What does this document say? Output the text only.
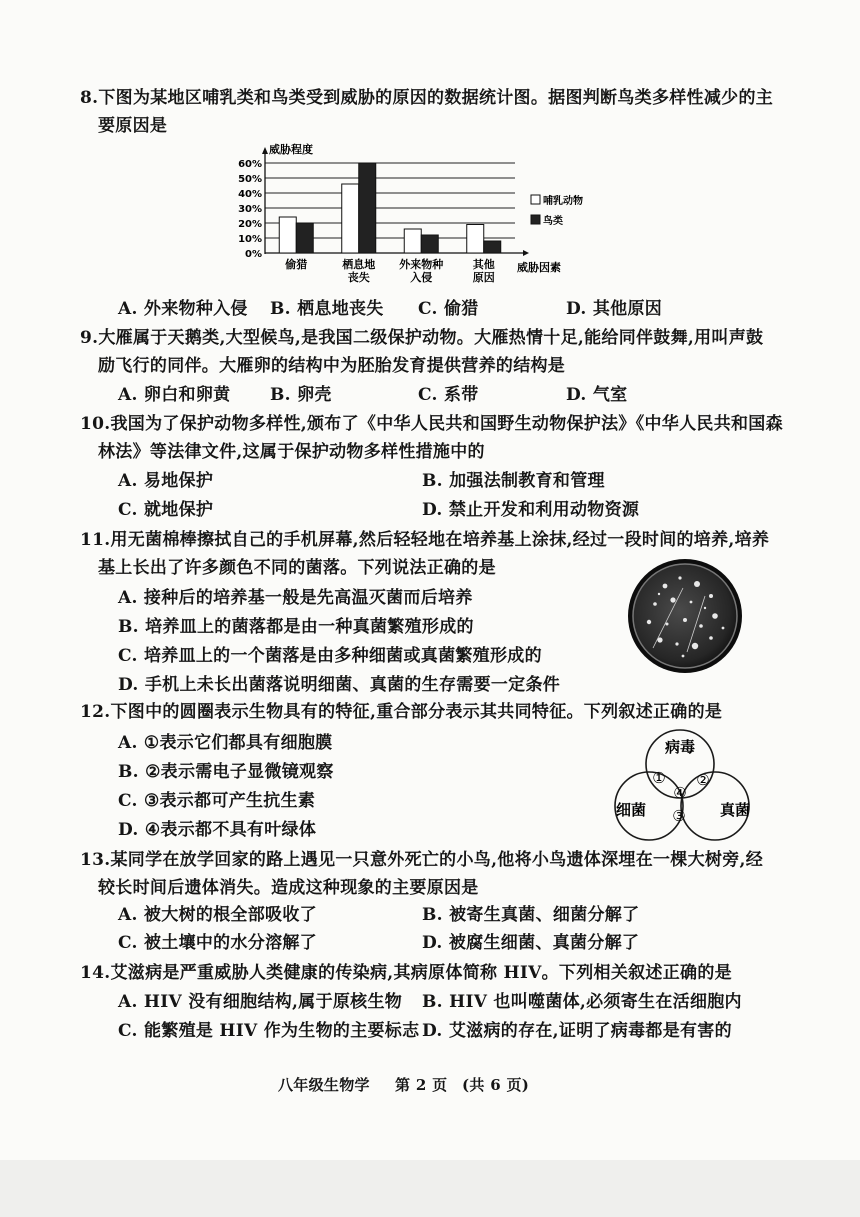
8.下图为某地区哺乳类和鸟类受到威胁的原因的数据统计图。据图判断鸟类多样性减少的主
要原因是
0%
10%
20%
30%
40%
50%
60%
威胁程度
偷猎	栖息地
丧失
外来物种
入侵
其他
原因
威胁因素
哺乳动物
鸟类
A. 外来物种入侵 B. 栖息地丧失 C. 偷猎	D. 其他原因
9.大雁属于天鹅类,大型候鸟,是我国二级保护动物。大雁热情十足,能给同伴鼓舞,用叫声鼓
励飞行的同伴。大雁卵的结构中为胚胎发育提供营养的结构是
A. 卵白和卵黄 B. 卵壳	C. 系带	D. 气室
10.我国为了保护动物多样性,颁布了《中华人民共和国野生动物保护法》《中华人民共和国森
林法》等法律文件,这属于保护动物多样性措施中的
A. 易地保护	B. 加强法制教育和管理
C. 就地保护	D. 禁止开发和利用动物资源
11.用无菌棉棒擦拭自己的手机屏幕,然后轻轻地在培养基上涂抹,经过一段时间的培养,培养
基上长出了许多颜色不同的菌落。下列说法正确的是
A. 接种后的培养基一般是先高温灭菌而后培养
B. 培养皿上的菌落都是由一种真菌繁殖形成的
C. 培养皿上的一个菌落是由多种细菌或真菌繁殖形成的
D. 手机上未长出菌落说明细菌、真菌的生存需要一定条件
12.下图中的圆圈表示生物具有的特征,重合部分表示其共同特征。下列叙述正确的是
A. ①表示它们都具有细胞膜
B. ②表示需电子显微镜观察
C. ③表示都可产生抗生素
D. ④表示都不具有叶绿体
病毒
细菌	真菌
① ②
③
④
13.某同学在放学回家的路上遇见一只意外死亡的小鸟,他将小鸟遗体深埋在一棵大树旁,经
较长时间后遗体消失。造成这种现象的主要原因是
A. 被大树的根全部吸收了	B. 被寄生真菌、细菌分解了
C. 被土壤中的水分溶解了	D. 被腐生细菌、真菌分解了
14.艾滋病是严重威胁人类健康的传染病,其病原体简称 HIV。下列相关叙述正确的是
A. HIV 没有细胞结构,属于原核生物 B. HIV 也叫噬菌体,必须寄生在活细胞内
C. 能繁殖是 HIV 作为生物的主要标志 D. 艾滋病的存在,证明了病毒都是有害的
八年级生物学 第 2 页 (共 6 页)
